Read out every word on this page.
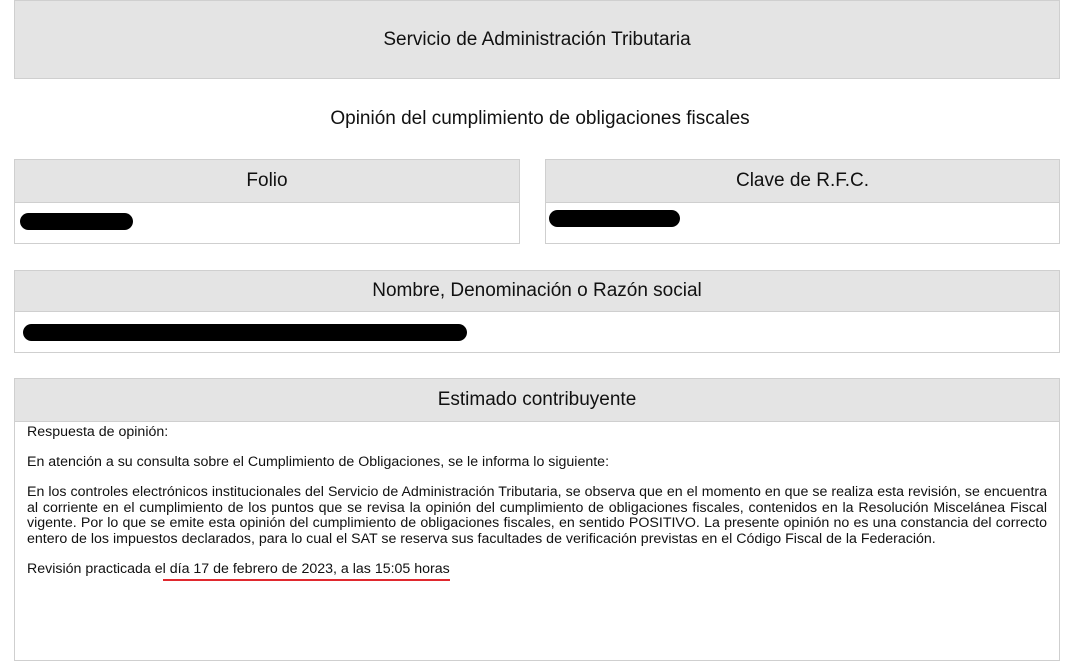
Servicio de Administración Tributaria
Opinión del cumplimiento de obligaciones fiscales
Folio	Clave de R.F.C.
Nombre, Denominación o Razón social
Estimado contribuyente

Respuesta de opinión:

En atención a su consulta sobre el Cumplimiento de Obligaciones, se le informa lo siguiente:

En los controles electrónicos institucionales del Servicio de Administración Tributaria, se observa que en el momento en que se realiza esta revisión, se encuentra al corriente en el cumplimiento de los puntos que se revisa la opinión del cumplimiento de obligaciones fiscales, contenidos en la Resolución Miscelánea Fiscal vigente. Por lo que se emite esta opinión del cumplimiento de obligaciones fiscales, en sentido POSITIVO. La presente opinión no es una constancia del correcto entero de los impuestos declarados, para lo cual el SAT se reserva sus facultades de verificación previstas en el Código Fiscal de la Federación.

Revisión practicada el día 17 de febrero de 2023, a las 15:05 horas
